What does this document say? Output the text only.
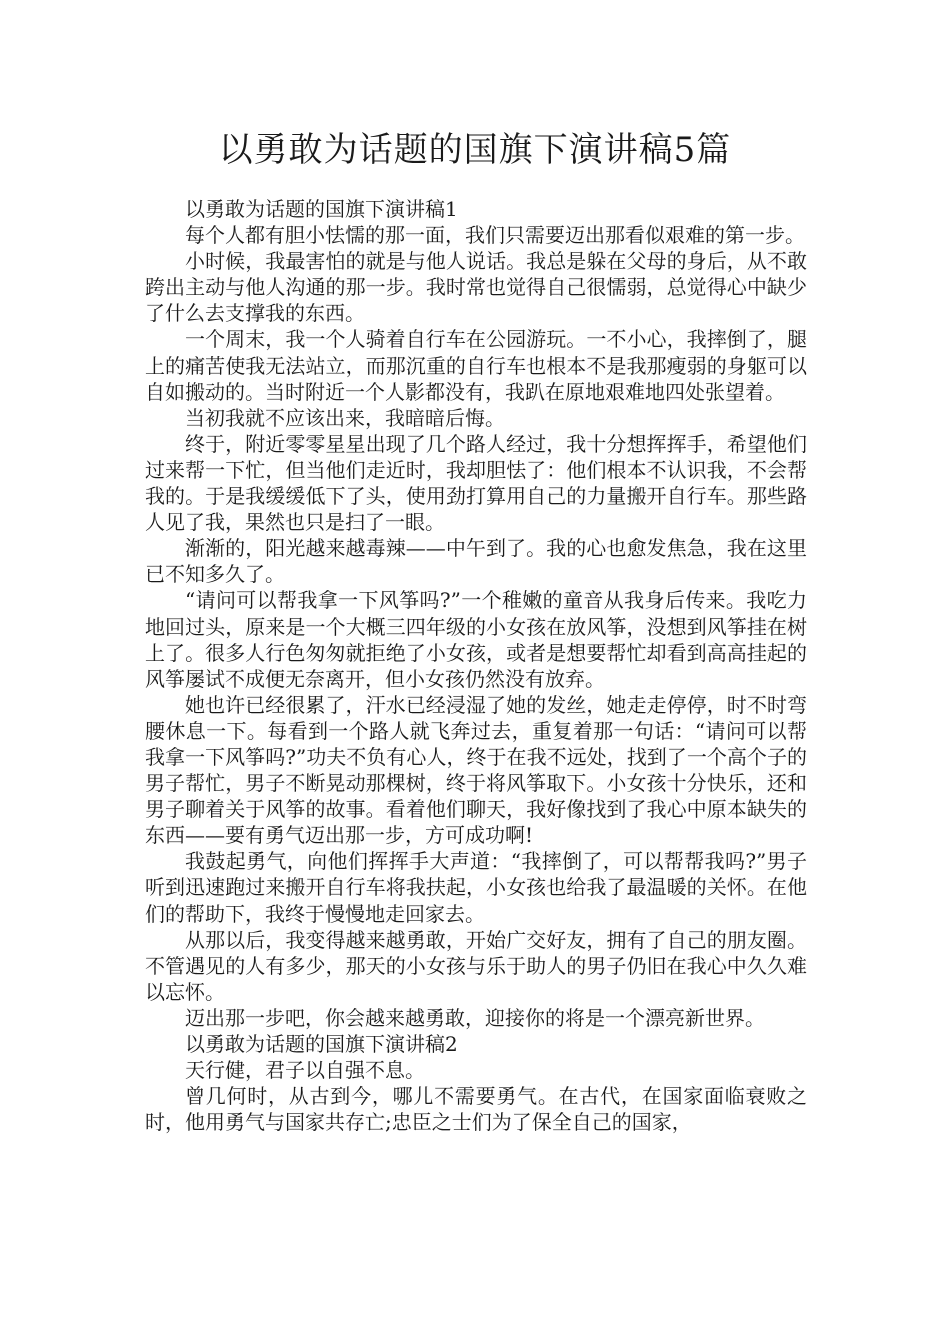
以勇敢为话题的国旗下演讲稿5篇

以勇敢为话题的国旗下演讲稿1

每个人都有胆小怯懦的那一面，我们只需要迈出那看似艰难的第一步。

小时候，我最害怕的就是与他人说话。我总是躲在父母的身后，从不敢跨出主动与他人沟通的那一步。我时常也觉得自己很懦弱，总觉得心中缺少了什么去支撑我的东西。

一个周末，我一个人骑着自行车在公园游玩。一不小心，我摔倒了，腿上的痛苦使我无法站立，而那沉重的自行车也根本不是我那瘦弱的身躯可以自如搬动的。当时附近一个人影都没有，我趴在原地艰难地四处张望着。

当初我就不应该出来，我暗暗后悔。

终于，附近零零星星出现了几个路人经过，我十分想挥挥手，希望他们过来帮一下忙，但当他们走近时，我却胆怯了：他们根本不认识我，不会帮我的。于是我缓缓低下了头，使用劲打算用自己的力量搬开自行车。那些路人见了我，果然也只是扫了一眼。

渐渐的，阳光越来越毒辣——中午到了。我的心也愈发焦急，我在这里已不知多久了。

“请问可以帮我拿一下风筝吗?”一个稚嫩的童音从我身后传来。我吃力地回过头，原来是一个大概三四年级的小女孩在放风筝，没想到风筝挂在树上了。很多人行色匆匆就拒绝了小女孩，或者是想要帮忙却看到高高挂起的风筝屡试不成便无奈离开，但小女孩仍然没有放弃。

她也许已经很累了，汗水已经浸湿了她的发丝，她走走停停，时不时弯腰休息一下。每看到一个路人就飞奔过去，重复着那一句话：“请问可以帮我拿一下风筝吗?”功夫不负有心人，终于在我不远处，找到了一个高个子的男子帮忙，男子不断晃动那棵树，终于将风筝取下。小女孩十分快乐，还和男子聊着关于风筝的故事。看着他们聊天，我好像找到了我心中原本缺失的东西——要有勇气迈出那一步，方可成功啊!

我鼓起勇气，向他们挥挥手大声道：“我摔倒了，可以帮帮我吗?”男子听到迅速跑过来搬开自行车将我扶起，小女孩也给我了最温暖的关怀。在他们的帮助下，我终于慢慢地走回家去。

从那以后，我变得越来越勇敢，开始广交好友，拥有了自己的朋友圈。不管遇见的人有多少，那天的小女孩与乐于助人的男子仍旧在我心中久久难以忘怀。

迈出那一步吧，你会越来越勇敢，迎接你的将是一个漂亮新世界。

以勇敢为话题的国旗下演讲稿2

天行健，君子以自强不息。

曾几何时，从古到今，哪儿不需要勇气。在古代，在国家面临衰败之时，他用勇气与国家共存亡;忠臣之士们为了保全自己的国家，
